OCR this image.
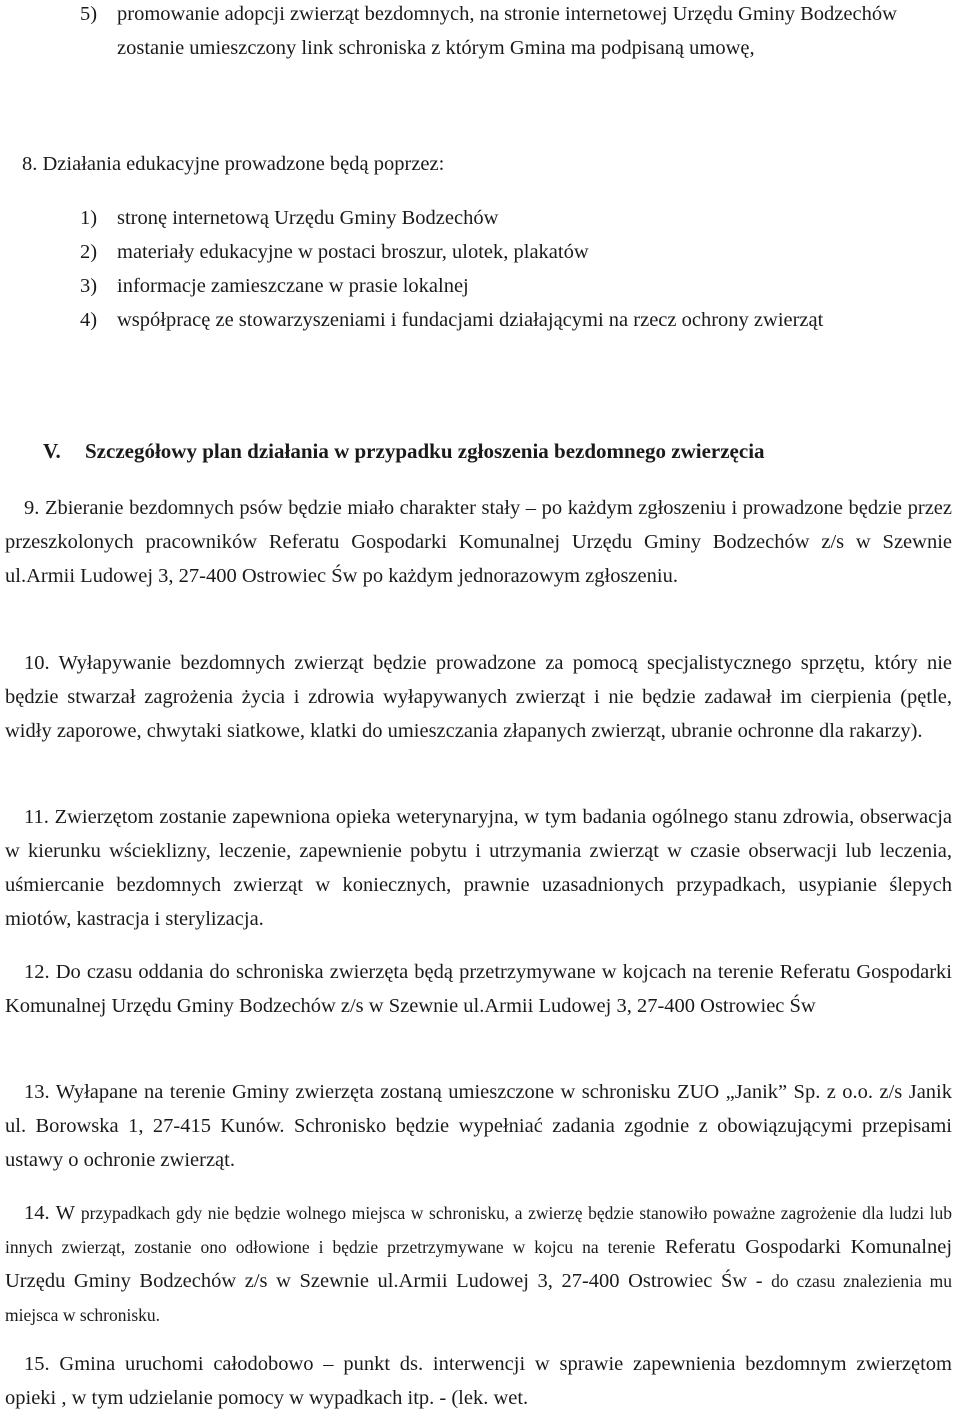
5) promowanie adopcji zwierząt bezdomnych, na stronie internetowej Urzędu Gminy Bodzechów zostanie umieszczony link schroniska z którym Gmina ma podpisaną umowę,
8. Działania edukacyjne prowadzone będą poprzez:
1) stronę internetową Urzędu Gminy Bodzechów
2) materiały edukacyjne w postaci broszur, ulotek, plakatów
3) informacje zamieszczane w prasie lokalnej
4) współpracę ze stowarzyszeniami i fundacjami działającymi na rzecz ochrony zwierząt
V. Szczegółowy plan działania w przypadku zgłoszenia bezdomnego zwierzęcia
9. Zbieranie bezdomnych psów będzie miało charakter stały – po każdym zgłoszeniu i prowadzone będzie przez przeszkolonych pracowników Referatu Gospodarki Komunalnej Urzędu Gminy Bodzechów z/s w Szewnie ul.Armii Ludowej 3, 27-400 Ostrowiec Św po każdym jednorazowym zgłoszeniu.
10. Wyłapywanie bezdomnych zwierząt będzie prowadzone za pomocą specjalistycznego sprzętu, który nie będzie stwarzał zagrożenia życia i zdrowia wyłapywanych zwierząt i nie będzie zadawał im cierpienia (pętle, widły zaporowe, chwytaki siatkowe, klatki do umieszczania złapanych zwierząt, ubranie ochronne dla rakarzy).
11. Zwierzętom zostanie zapewniona opieka weterynaryjna, w tym badania ogólnego stanu zdrowia, obserwacja w kierunku wścieklizny, leczenie, zapewnienie pobytu i utrzymania zwierząt w czasie obserwacji lub leczenia, uśmiercanie bezdomnych zwierząt w koniecznych, prawnie uzasadnionych przypadkach, usypianie ślepych miotów, kastracja i sterylizacja.
12. Do czasu oddania do schroniska zwierzęta będą przetrzymywane w kojcach na terenie Referatu Gospodarki Komunalnej Urzędu Gminy Bodzechów z/s w Szewnie ul.Armii Ludowej 3, 27-400 Ostrowiec Św
13. Wyłapane na terenie Gminy zwierzęta zostaną umieszczone w schronisku ZUO „Janik” Sp. z o.o. z/s Janik ul. Borowska 1, 27-415 Kunów. Schronisko będzie wypełniać zadania zgodnie z obowiązującymi przepisami ustawy o ochronie zwierząt.
14. W przypadkach gdy nie będzie wolnego miejsca w schronisku, a zwierzę będzie stanowiło poważne zagrożenie dla ludzi lub innych zwierząt, zostanie ono odłowione i będzie przetrzymywane w kojcu na terenie Referatu Gospodarki Komunalnej Urzędu Gminy Bodzechów z/s w Szewnie ul.Armii Ludowej 3, 27-400 Ostrowiec Św - do czasu znalezienia mu miejsca w schronisku.
15. Gmina uruchomi całodobowo – punkt ds. interwencji w sprawie zapewnienia bezdomnym zwierzętom opieki , w tym udzielanie pomocy w wypadkach itp. - (lek. wet.
